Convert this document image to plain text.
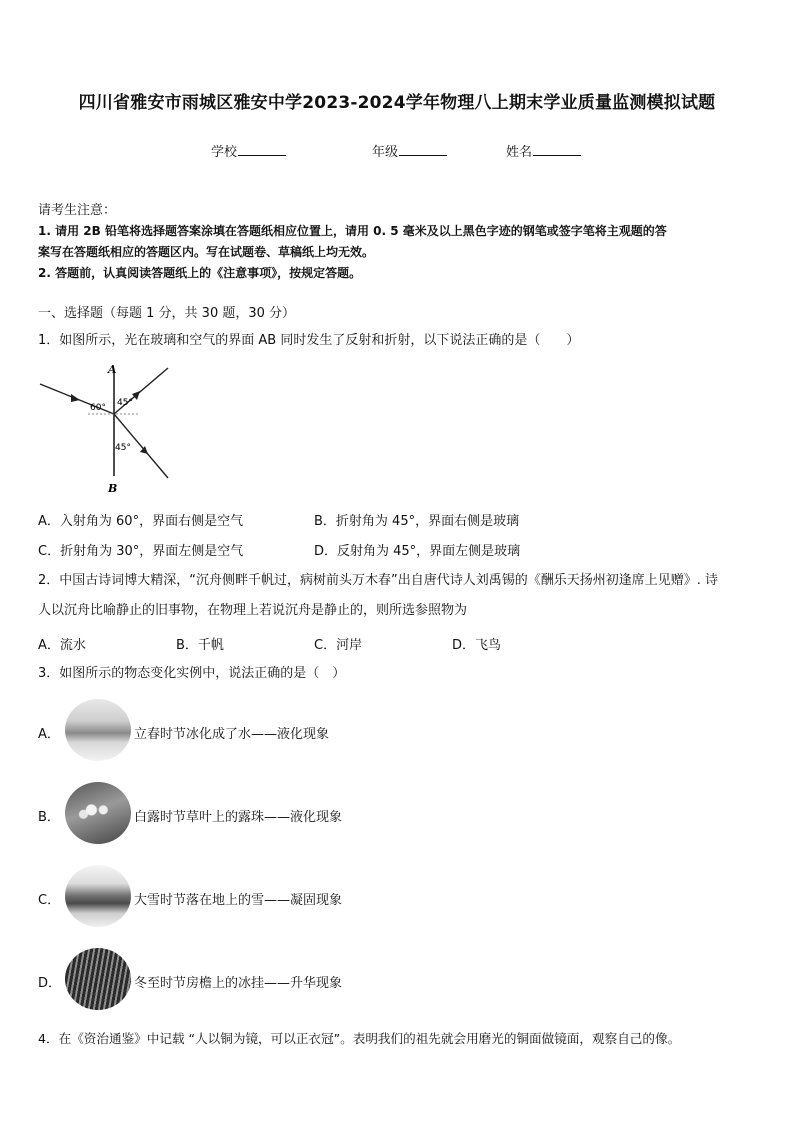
四川省雅安市雨城区雅安中学2023-2024学年物理八上期末学业质量监测模拟试题
学校	年级	姓名
请考生注意：
1. 请用 2B 铅笔将选择题答案涂填在答题纸相应位置上，请用 0. 5 毫米及以上黑色字迹的钢笔或签字笔将主观题的答
案写在答题纸相应的答题区内。写在试题卷、草稿纸上均无效。
2. 答题前，认真阅读答题纸上的《注意事项》，按规定答题。
一、选择题（每题 1 分，共 30 题，30 分）
1．如图所示，光在玻璃和空气的界面 AB 同时发生了反射和折射，以下说法正确的是（　　）
A
B
60° 45°
45°
A．入射角为 60°，界面右侧是空气	B．折射角为 45°，界面右侧是玻璃
C．折射角为 30°，界面左侧是空气	D．反射角为 45°，界面左侧是玻璃
2．中国古诗词博大精深，“沉舟侧畔千帆过，病树前头万木春”出自唐代诗人刘禹锡的《酬乐天扬州初逢席上见赠》. 诗
人以沉舟比喻静止的旧事物，在物理上若说沉舟是静止的，则所选参照物为
A．流水	B．千帆	C．河岸	D．飞鸟
3．如图所示的物态变化实例中，说法正确的是（　）
A．	立春时节冰化成了水——液化现象
B．	白露时节草叶上的露珠——液化现象
C．	大雪时节落在地上的雪——凝固现象
D．	冬至时节房檐上的冰挂——升华现象
4．在《资治通鉴》中记载 “人以铜为镜，可以正衣冠”。表明我们的祖先就会用磨光的铜面做镜面，观察自己的像。
